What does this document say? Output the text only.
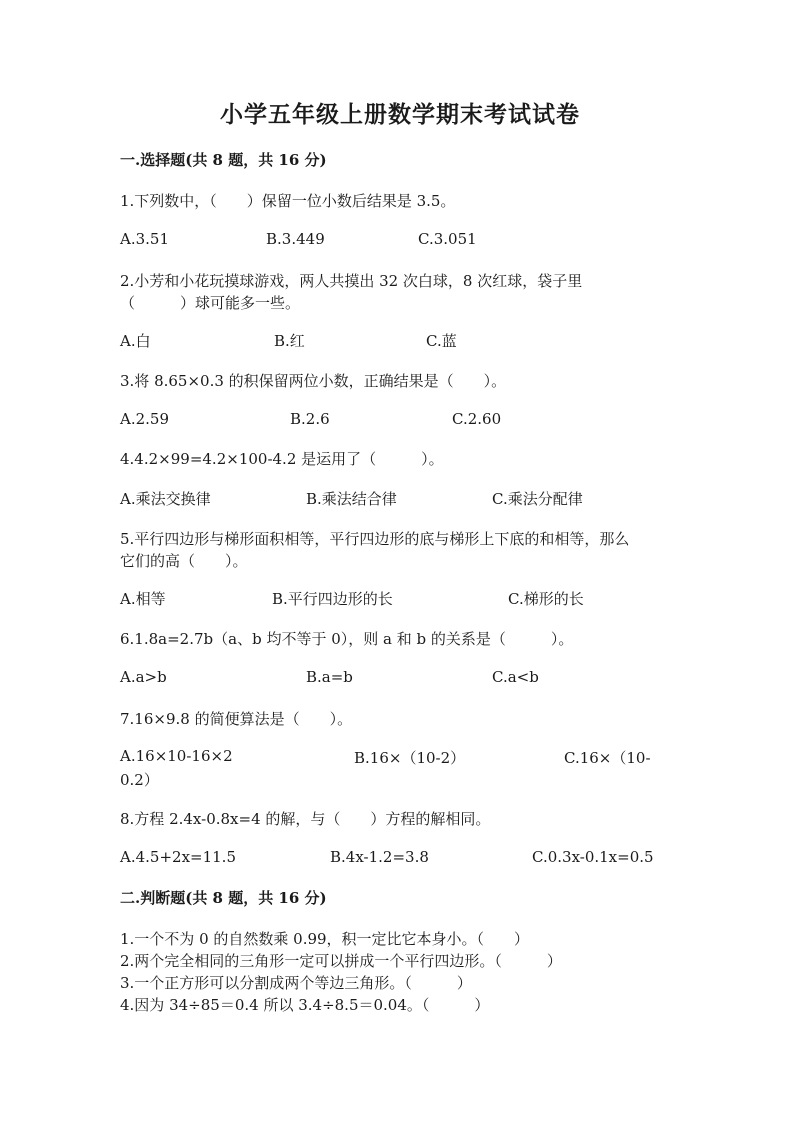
小学五年级上册数学期末考试试卷
一.选择题(共 8 题，共 16 分)
1.下列数中，（　　）保留一位小数后结果是 3.5。
A.3.51	B.3.449	C.3.051
2.小芳和小花玩摸球游戏，两人共摸出 32 次白球，8 次红球，袋子里
（　　　）球可能多一些。
A.白	B.红	C.蓝
3.将 8.65×0.3 的积保留两位小数，正确结果是（　　）。
A.2.59	B.2.6	C.2.60
4.4.2×99=4.2×100-4.2 是运用了（　　　）。
A.乘法交换律	B.乘法结合律	C.乘法分配律
5.平行四边形与梯形面积相等，平行四边形的底与梯形上下底的和相等，那么
它们的高（　　）。
A.相等	B.平行四边形的长	C.梯形的长
6.1.8a=2.7b（a、b 均不等于 0），则 a 和 b 的关系是（　　　）。
A.a>b	B.a=b	C.a<b
7.16×9.8 的简便算法是（　　）。
A.16×10-16×2	B.16×（10-2）	C.16×（10-
0.2）
8.方程 2.4x-0.8x=4 的解，与（　　）方程的解相同。
A.4.5+2x=11.5	B.4x-1.2=3.8	C.0.3x-0.1x=0.5
二.判断题(共 8 题，共 16 分)
1.一个不为 0 的自然数乘 0.99，积一定比它本身小。（　　）
2.两个完全相同的三角形一定可以拼成一个平行四边形。（　　　）
3.一个正方形可以分割成两个等边三角形。（　　　）
4.因为 34÷85＝0.4 所以 3.4÷8.5＝0.04。（　　　）
